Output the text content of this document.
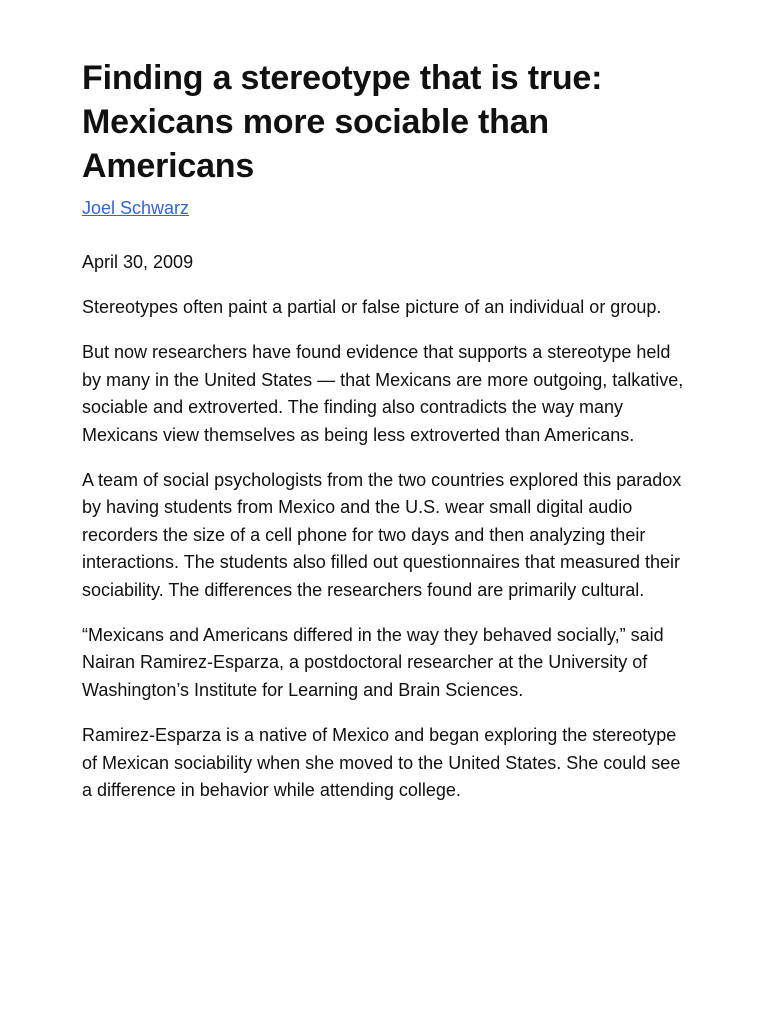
Finding a stereotype that is true: Mexicans more sociable than Americans
Joel Schwarz

April 30, 2009

Stereotypes often paint a partial or false picture of an individual or group.

But now researchers have found evidence that supports a stereotype held by many in the United States — that Mexicans are more outgoing, talkative, sociable and extroverted. The finding also contradicts the way many Mexicans view themselves as being less extroverted than Americans.

A team of social psychologists from the two countries explored this paradox by having students from Mexico and the U.S. wear small digital audio recorders the size of a cell phone for two days and then analyzing their interactions. The students also filled out questionnaires that measured their sociability. The differences the researchers found are primarily cultural.

“Mexicans and Americans differed in the way they behaved socially,” said Nairan Ramirez-Esparza, a postdoctoral researcher at the University of Washington’s Institute for Learning and Brain Sciences.

Ramirez-Esparza is a native of Mexico and began exploring the stereotype of Mexican sociability when she moved to the United States. She could see a difference in behavior while attending college.
